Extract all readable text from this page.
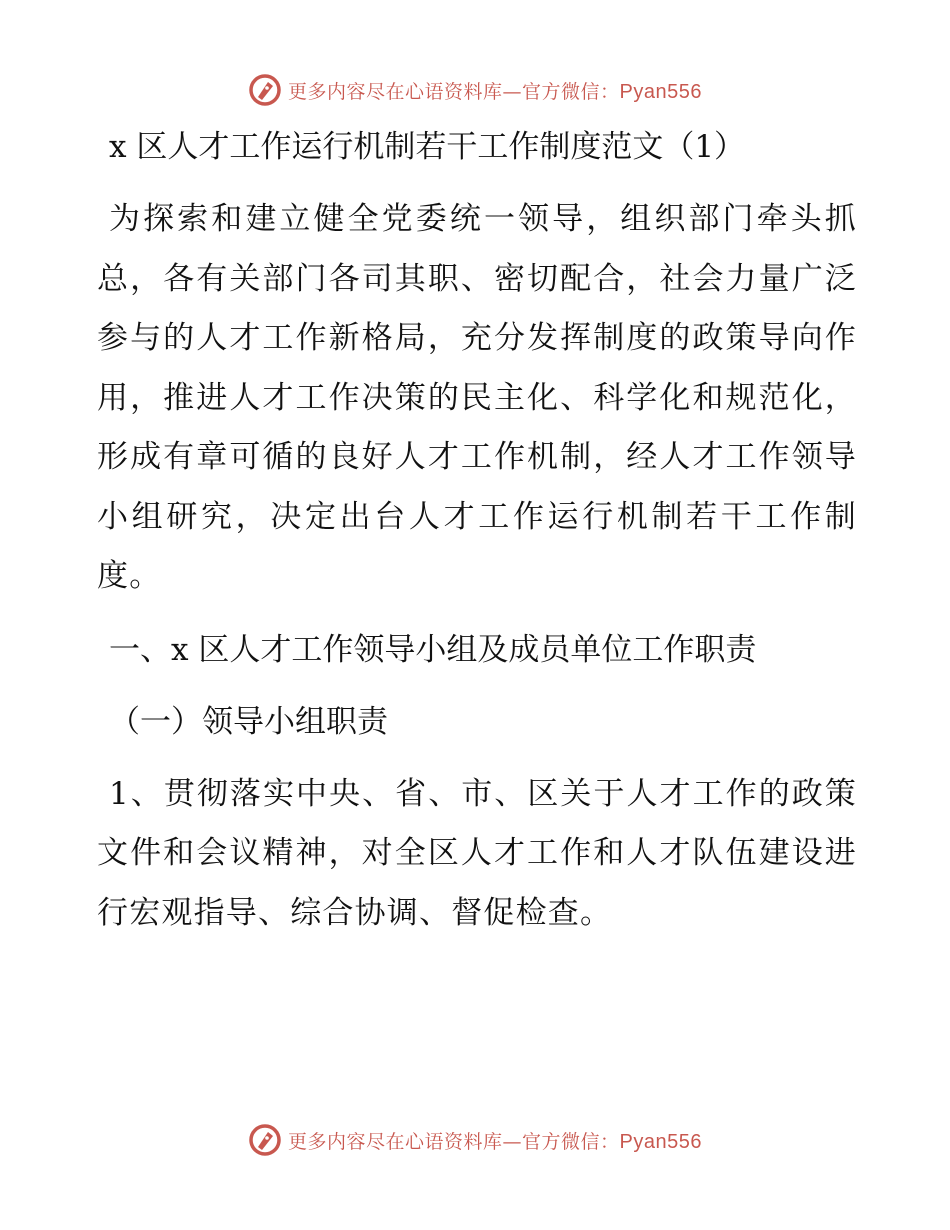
更多内容尽在心语资料库—官方微信：Pyan556
x 区人才工作运行机制若干工作制度范文（1）

为探索和建立健全党委统一领导，组织部门牵头抓总，各有关部门各司其职、密切配合，社会力量广泛参与的人才工作新格局，充分发挥制度的政策导向作用，推进人才工作决策的民主化、科学化和规范化，形成有章可循的良好人才工作机制，经人才工作领导小组研究，决定出台人才工作运行机制若干工作制度。

一、x 区人才工作领导小组及成员单位工作职责
（一）领导小组职责

1、贯彻落实中央、省、市、区关于人才工作的政策文件和会议精神，对全区人才工作和人才队伍建设进行宏观指导、综合协调、督促检查。

更多内容尽在心语资料库—官方微信：Pyan556
